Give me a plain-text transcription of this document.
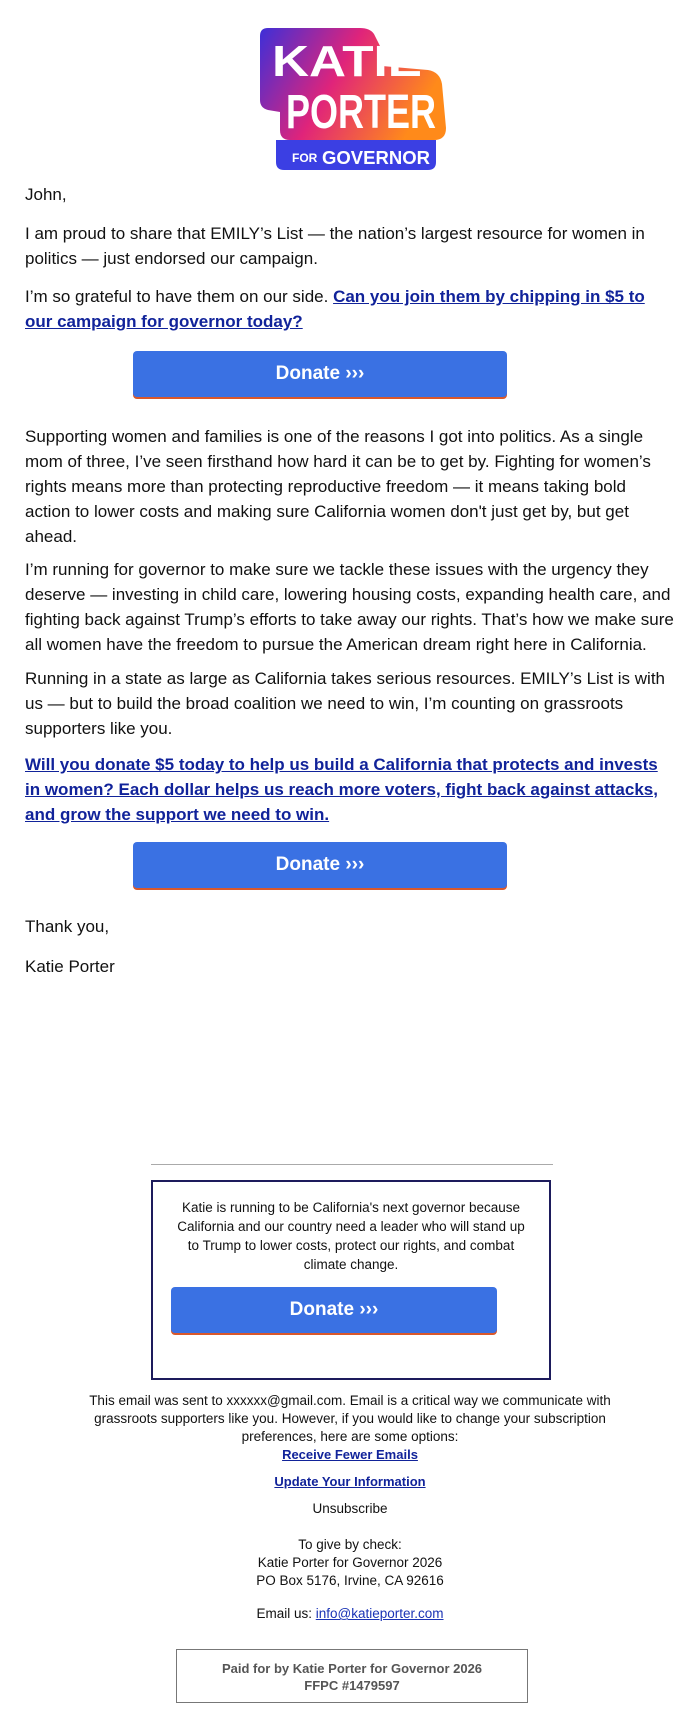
KATIE
PORTER
FOR GOVERNOR
John,

I am proud to share that EMILY’s List — the nation’s largest resource for women in politics — just endorsed our campaign.

I’m so grateful to have them on our side. Can you join them by chipping in $5 to our campaign for governor today?

Donate ›››

Supporting women and families is one of the reasons I got into politics. As a single mom of three, I’ve seen firsthand how hard it can be to get by. Fighting for women’s rights means more than protecting reproductive freedom — it means taking bold action to lower costs and making sure California women don't just get by, but get ahead.

I’m running for governor to make sure we tackle these issues with the urgency they deserve — investing in child care, lowering housing costs, expanding health care, and fighting back against Trump’s efforts to take away our rights. That’s how we make sure all women have the freedom to pursue the American dream right here in California.

Running in a state as large as California takes serious resources. EMILY’s List is with us — but to build the broad coalition we need to win, I’m counting on grassroots supporters like you.

Will you donate $5 today to help us build a California that protects and invests in women? Each dollar helps us reach more voters, fight back against attacks, and grow the support we need to win.

Donate ›››
Thank you,
Katie Porter
Katie is running to be California's next governor because California and our country need a leader who will stand up to Trump to lower costs, protect our rights, and combat climate change.
Donate ›››
This email was sent to xxxxxx@gmail.com. Email is a critical way we communicate with grassroots supporters like you. However, if you would like to change your subscription preferences, here are some options:
Receive Fewer Emails
Update Your Information
Unsubscribe
To give by check:
Katie Porter for Governor 2026
PO Box 5176, Irvine, CA 92616
Email us: info@katieporter.com
Paid for by Katie Porter for Governor 2026
FFPC #1479597
